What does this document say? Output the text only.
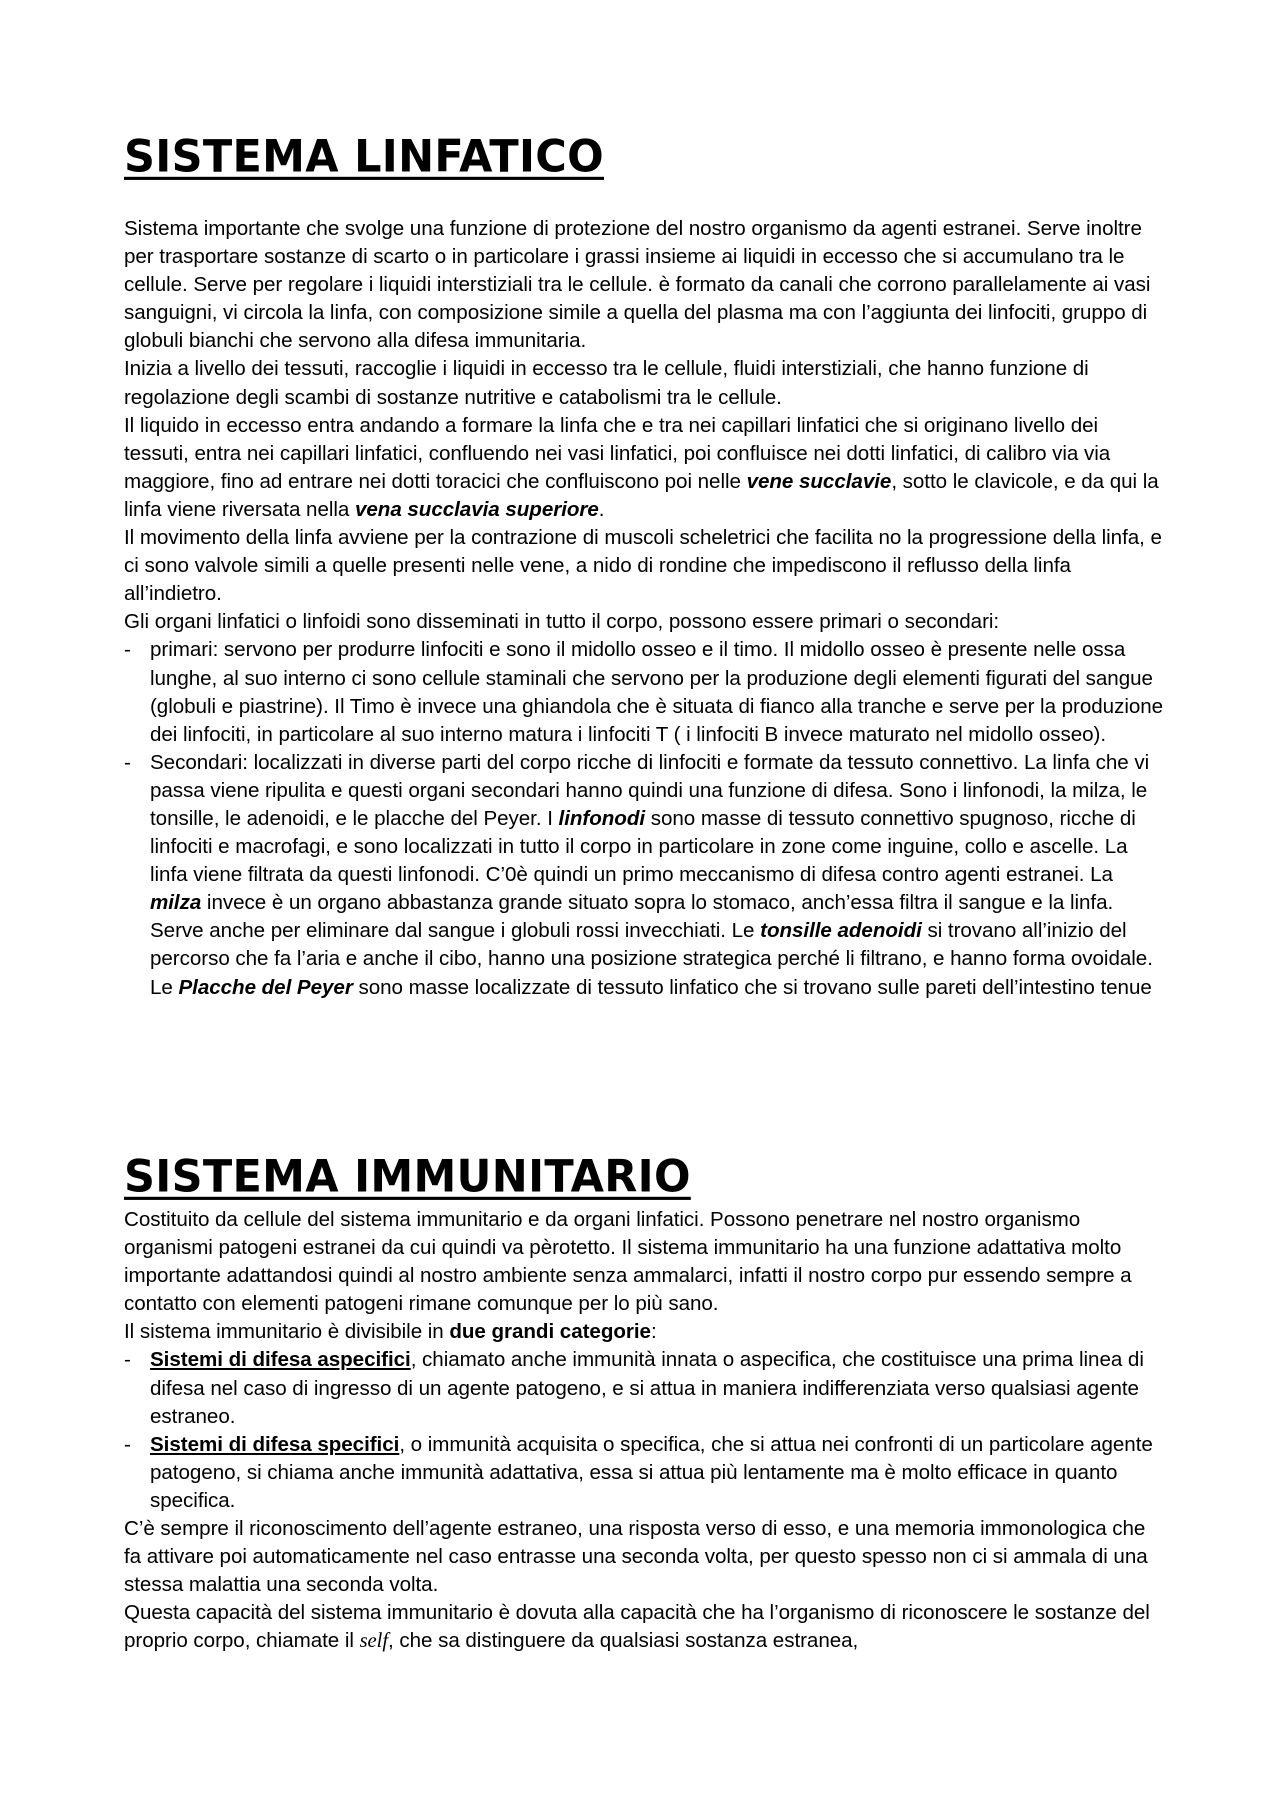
SISTEMA LINFATICO

Sistema importante che svolge una funzione di protezione del nostro organismo da agenti estranei. Serve inoltre per trasportare sostanze di scarto o in particolare i grassi insieme ai liquidi in eccesso che si accumulano tra le cellule. Serve per regolare i liquidi interstiziali tra le cellule. è formato da canali che corrono parallelamente ai vasi sanguigni, vi circola la linfa, con composizione simile a quella del plasma ma con l’aggiunta dei linfociti, gruppo di globuli bianchi che servono alla difesa immunitaria.

Inizia a livello dei tessuti, raccoglie i liquidi in eccesso tra le cellule, fluidi interstiziali, che hanno funzione di regolazione degli scambi di sostanze nutritive e catabolismi tra le cellule.

Il liquido in eccesso entra andando a formare la linfa che e tra nei capillari linfatici che si originano livello dei tessuti, entra nei capillari linfatici, confluendo nei vasi linfatici, poi confluisce nei dotti linfatici, di calibro via via maggiore, fino ad entrare nei dotti toracici che confluiscono poi nelle vene succlavie, sotto le clavicole, e da qui la linfa viene riversata nella vena succlavia superiore.

Il movimento della linfa avviene per la contrazione di muscoli scheletrici che facilita no la progressione della linfa, e ci sono valvole simili a quelle presenti nelle vene, a nido di rondine che impediscono il reflusso della linfa all’indietro.

Gli organi linfatici o linfoidi sono disseminati in tutto il corpo, possono essere primari o secondari:

- primari: servono per produrre linfociti e sono il midollo osseo e il timo. Il midollo osseo è presente nelle ossa lunghe, al suo interno ci sono cellule staminali che servono per la produzione degli elementi figurati del sangue (globuli e piastrine). Il Timo è invece una ghiandola che è situata di fianco alla tranche e serve per la produzione dei linfociti, in particolare al suo interno matura i linfociti T ( i linfociti B invece maturato nel midollo osseo).
- Secondari: localizzati in diverse parti del corpo ricche di linfociti e formate da tessuto connettivo. La linfa che vi passa viene ripulita e questi organi secondari hanno quindi una funzione di difesa. Sono i linfonodi, la milza, le tonsille, le adenoidi, e le placche del Peyer. I linfonodi sono masse di tessuto connettivo spugnoso, ricche di linfociti e macrofagi, e sono localizzati in tutto il corpo in particolare in zone come inguine, collo e ascelle. La linfa viene filtrata da questi linfonodi. C’0è quindi un primo meccanismo di difesa contro agenti estranei. La milza invece è un organo abbastanza grande situato sopra lo stomaco, anch’essa filtra il sangue e la linfa. Serve anche per eliminare dal sangue i globuli rossi invecchiati. Le tonsille adenoidi si trovano all’inizio del percorso che fa l’aria e anche il cibo, hanno una posizione strategica perché li filtrano, e hanno forma ovoidale. Le Placche del Peyer sono masse localizzate di tessuto linfatico che si trovano sulle pareti dell’intestino tenue
SISTEMA IMMUNITARIO

Costituito da cellule del sistema immunitario e da organi linfatici. Possono penetrare nel nostro organismo organismi patogeni estranei da cui quindi va pèrotetto. Il sistema immunitario ha una funzione adattativa molto importante adattandosi quindi al nostro ambiente senza ammalarci, infatti il nostro corpo pur essendo sempre a contatto con elementi patogeni rimane comunque per lo più sano.

Il sistema immunitario è divisibile in due grandi categorie:

- Sistemi di difesa aspecifici, chiamato anche immunità innata o aspecifica, che costituisce una prima linea di difesa nel caso di ingresso di un agente patogeno, e si attua in maniera indifferenziata verso qualsiasi agente estraneo.
- Sistemi di difesa specifici, o immunità acquisita o specifica, che si attua nei confronti di un particolare agente patogeno, si chiama anche immunità adattativa, essa si attua più lentamente ma è molto efficace in quanto specifica.

C’è sempre il riconoscimento dell’agente estraneo, una risposta verso di esso, e una memoria immonologica che fa attivare poi automaticamente nel caso entrasse una seconda volta, per questo spesso non ci si ammala di una stessa malattia una seconda volta.

Questa capacità del sistema immunitario è dovuta alla capacità che ha l’organismo di riconoscere le sostanze del proprio corpo, chiamate il self, che sa distinguere da qualsiasi sostanza estranea,
